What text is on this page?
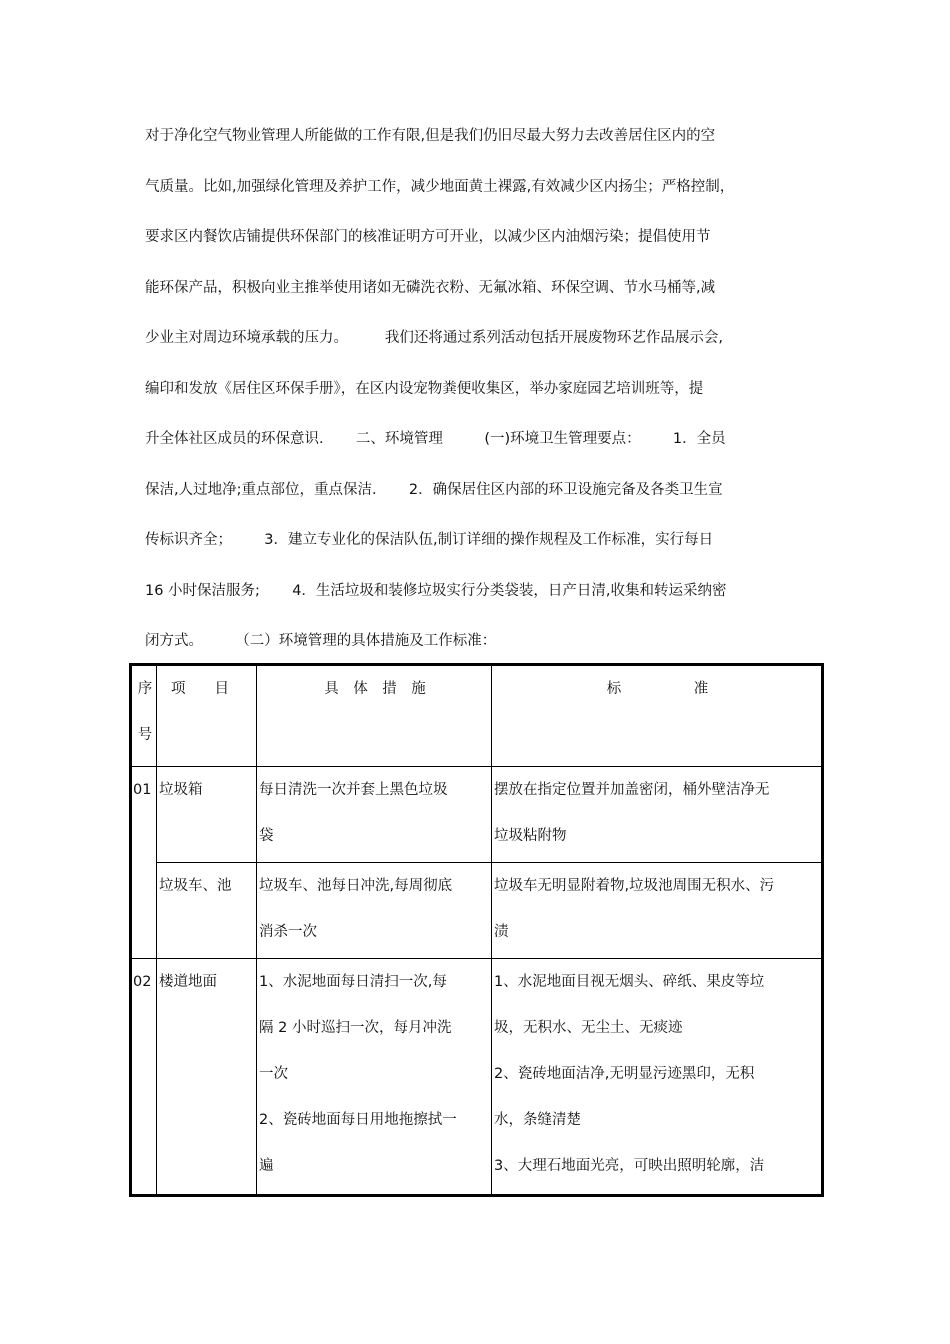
对于净化空气物业管理人所能做的工作有限,但是我们仍旧尽最大努力去改善居住区内的空
气质量。比如,加强绿化管理及养护工作，减少地面黄土裸露,有效减少区内扬尘；严格控制，
要求区内餐饮店铺提供环保部门的核准证明方可开业，以减少区内油烟污染；提倡使用节
能环保产品，积极向业主推举使用诸如无磷洗衣粉、无氟冰箱、环保空调、节水马桶等,减
少业主对周边环境承载的压力。        我们还将通过系列活动包括开展废物环艺作品展示会,
编印和发放《居住区环保手册》，在区内设宠物粪便收集区，举办家庭园艺培训班等，提
升全体社区成员的环保意识.       二、环境管理         (一)环境卫生管理要点：       1．全员
保洁,人过地净;重点部位，重点保洁.       2．确保居住区内部的环卫设施完备及各类卫生宣
传标识齐全；       3．建立专业化的保洁队伍,制订详细的操作规程及工作标准，实行每日
16 小时保洁服务;       4．生活垃圾和装修垃圾实行分类袋装，日产日清,收集和转运采纳密
闭方式。       （二）环境管理的具体措施及工作标准：
序
号	项　　目	具　体　措　施	标　　　　　准

01	垃圾箱	每日清洗一次并套上黑色垃圾
袋	摆放在指定位置并加盖密闭，桶外壁洁净无
垃圾粘附物

	垃圾车、池	垃圾车、池每日冲洗,每周彻底
消杀一次	垃圾车无明显附着物,垃圾池周围无积水、污
渍

02	楼道地面	1、水泥地面每日清扫一次,每
隔 2 小时巡扫一次，每月冲洗
一次
2、瓷砖地面每日用地拖擦拭一
遍	1、水泥地面目视无烟头、碎纸、果皮等垃
圾，无积水、无尘土、无痰迹
2、瓷砖地面洁净,无明显污迹黑印，无积
水，条缝清楚
3、大理石地面光亮，可映出照明轮廓，洁
